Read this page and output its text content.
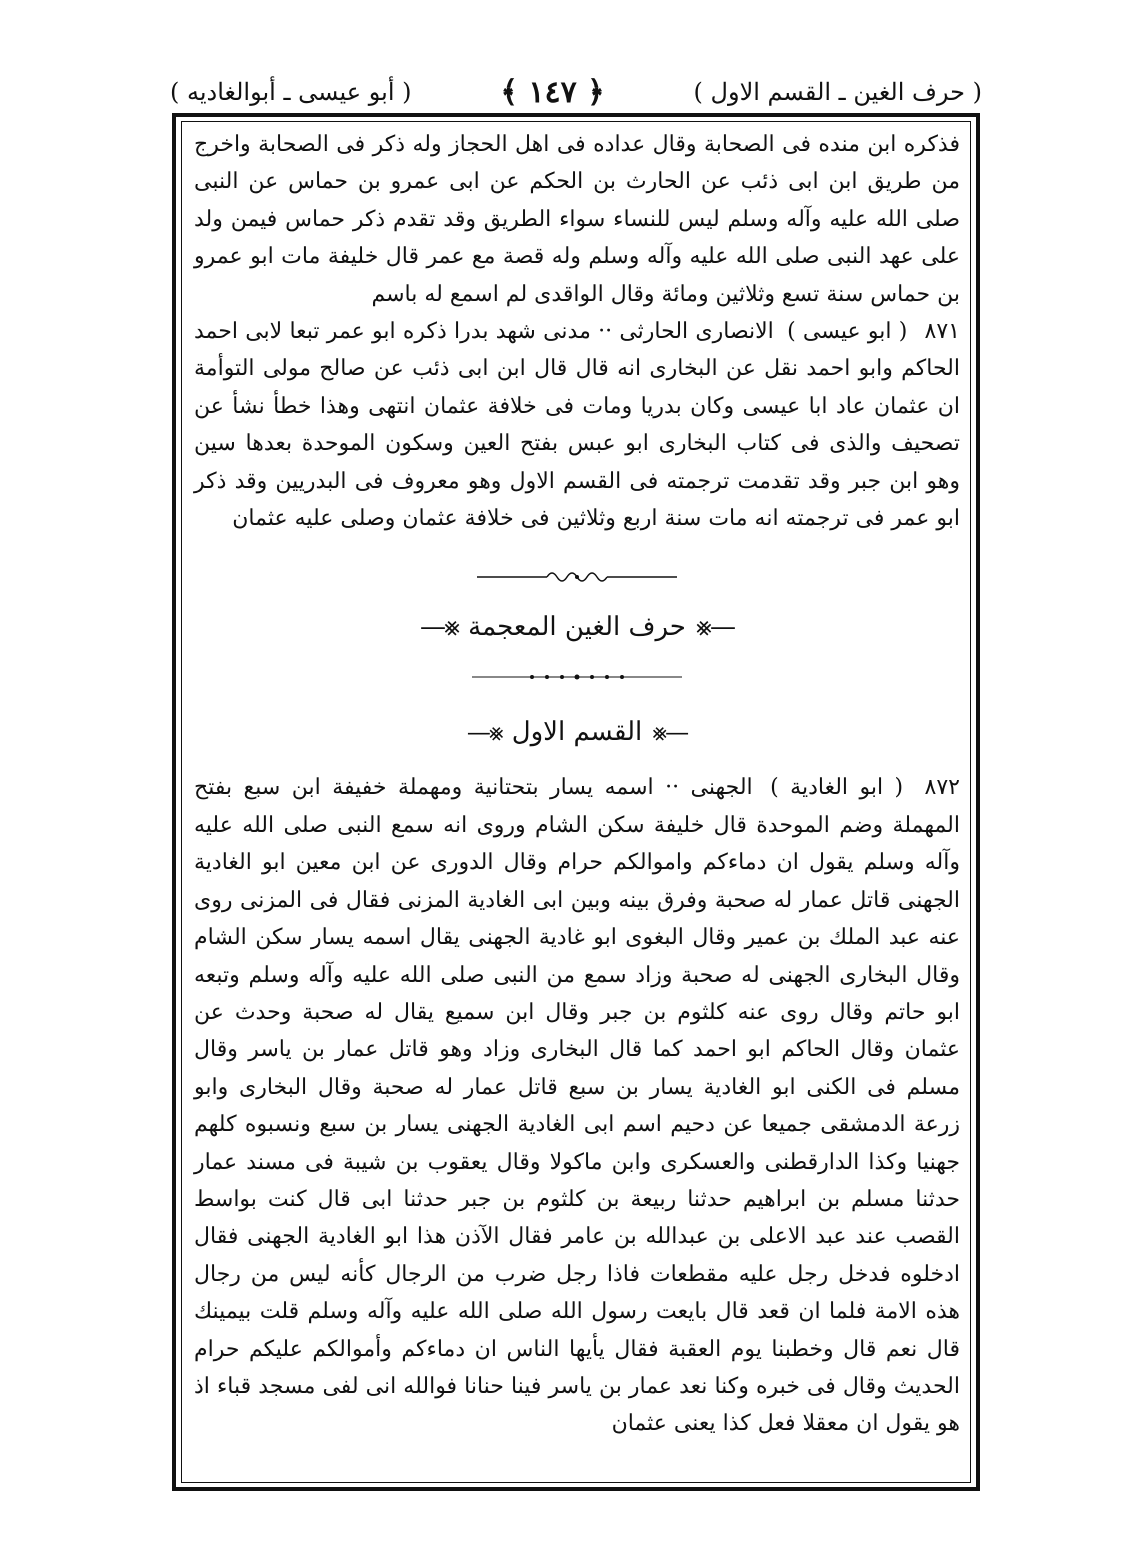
( حرف الغين ـ القسم الاول )
﴿ ١٤٧ ﴾
( أبو عيسى ـ أبوالغاديه )

فذكره ابن منده فى الصحابة وقال عداده فى اهل الحجاز وله ذكر فى الصحابة واخرج من طريق ابن ابى ذئب عن الحارث بن الحكم عن ابى عمرو بن حماس عن النبى صلى الله عليه وآله وسلم ليس للنساء سواء الطريق وقد تقدم ذكر حماس فيمن ولد على عهد النبى صلى الله عليه وآله وسلم وله قصة مع عمر قال خليفة مات ابو عمرو بن حماس سنة تسع وثلاثين ومائة وقال الواقدى لم اسمع له باسم

٨٧١ ( ابو عيسى ) الانصارى الحارثى ·· مدنى شهد بدرا ذكره ابو عمر تبعا لابى احمد الحاكم وابو احمد نقل عن البخارى انه قال قال ابن ابى ذئب عن صالح مولى التوأمة ان عثمان عاد ابا عيسى وكان بدريا ومات فى خلافة عثمان انتهى وهذا خطأ نشأ عن تصحيف والذى فى كتاب البخارى ابو عبس بفتح العين وسكون الموحدة بعدها سين وهو ابن جبر وقد تقدمت ترجمته فى القسم الاول وهو معروف فى البدريين وقد ذكر ابو عمر فى ترجمته انه مات سنة اربع وثلاثين فى خلافة عثمان وصلى عليه عثمان

—⨳
حرف الغين المعجمة
⨳—
—⨳
القسم الاول
⨳—

٨٧٢ ( ابو الغادية ) الجهنى ·· اسمه يسار بتحتانية ومهملة خفيفة ابن سبع بفتح المهملة وضم الموحدة قال خليفة سكن الشام وروى انه سمع النبى صلى الله عليه وآله وسلم يقول ان دماءكم واموالكم حرام وقال الدورى عن ابن معين ابو الغادية الجهنى قاتل عمار له صحبة وفرق بينه وبين ابى الغادية المزنى فقال فى المزنى روى عنه عبد الملك بن عمير وقال البغوى ابو غادية الجهنى يقال اسمه يسار سكن الشام وقال البخارى الجهنى له صحبة وزاد سمع من النبى صلى الله عليه وآله وسلم وتبعه ابو حاتم وقال روى عنه كلثوم بن جبر وقال ابن سميع يقال له صحبة وحدث عن عثمان وقال الحاكم ابو احمد كما قال البخارى وزاد وهو قاتل عمار بن ياسر وقال مسلم فى الكنى ابو الغادية يسار بن سبع قاتل عمار له صحبة وقال البخارى وابو زرعة الدمشقى جميعا عن دحيم اسم ابى الغادية الجهنى يسار بن سبع ونسبوه كلهم جهنيا وكذا الدارقطنى والعسكرى وابن ماكولا وقال يعقوب بن شيبة فى مسند عمار حدثنا مسلم بن ابراهيم حدثنا ربيعة بن كلثوم بن جبر حدثنا ابى قال كنت بواسط القصب عند عبد الاعلى بن عبدالله بن عامر فقال الآذن هذا ابو الغادية الجهنى فقال ادخلوه فدخل رجل عليه مقطعات فاذا رجل ضرب من الرجال كأنه ليس من رجال هذه الامة فلما ان قعد قال بايعت رسول الله صلى الله عليه وآله وسلم قلت بيمينك قال نعم قال وخطبنا يوم العقبة فقال يأيها الناس ان دماءكم وأموالكم عليكم حرام الحديث وقال فى خبره وكنا نعد عمار بن ياسر فينا حنانا فوالله انى لفى مسجد قباء اذ هو يقول ان معقلا فعل كذا يعنى عثمان
